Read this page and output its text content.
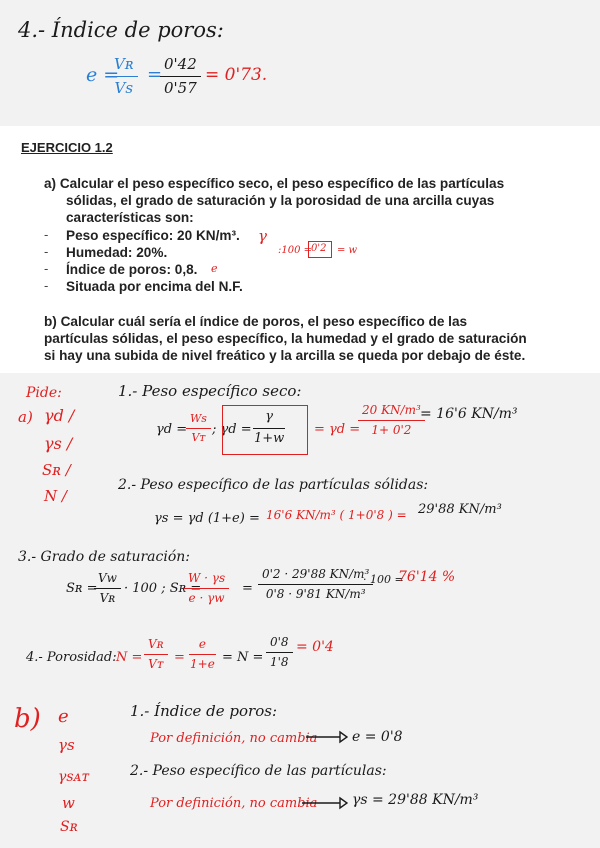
4.- Índice de poros:
e =
$\frac{\text{Vʀ}}{Vs}$ =
$\frac{0'42}{0'57} = 0'73$.
EJERCICIO 1.2
a) Calcular el peso específico seco, el peso específico de las partículas
sólidas, el grado de saturación y la porosidad de una arcilla cuyas
características son:
- Peso específico: 20 KN/m³.
- Humedad: 20%.
- Índice de poros: 0,8.
- Situada por encima del N.F.
b) Calcular cuál sería el índice de poros, el peso específico de las
partículas sólidas, el peso específico, la humedad y el grado de saturación
si hay una subida de nivel freático y la arcilla se queda por debajo de éste.
γ
:100 =
0'2 = w
e
Pide:
a) γd /
γs /
Sʀ /
N /
1.- Peso específico seco:
γd =
$\frac{Ws}{\text{Vᴛ}}$ ; γd =
$\frac{\gamma}{1+w} = \gamma d$ =
$\frac{\text{20 KN/m³}}{1+ 0'2}$
= 16'6 KN/m³
2.- Peso específico de las partículas sólidas:
γs = γd (1+e) = 16'6 KN/m³ ( 1+0'8 ) = 29'88 KN/m³
3.- Grado de saturación:
Sʀ =
$\frac{Vw}{\text{Vʀ}} \cdot 100$ ; Sʀ =
$\frac{W \cdot \gamma s}{e \cdot \gamma w} = \frac{\text{0'2 · 29'88 KN/m³}}{\text{0'8 · 9'81 KN/m³}}$
· 100 =
76'14 %
4.- Porosidad: $N = \frac{\text{Vʀ}}{\text{Vᴛ}} = \frac{e}{1+e} = N = \frac{0'8}{1'8} = 0'4$
b) e
γs
γsᴀᴛ
w
Sʀ
1.- Índice de poros:
Por definición, no cambia e = 0'8
2.- Peso específico de las partículas:
Por definición, no cambia γs = 29'88 KN/m³
